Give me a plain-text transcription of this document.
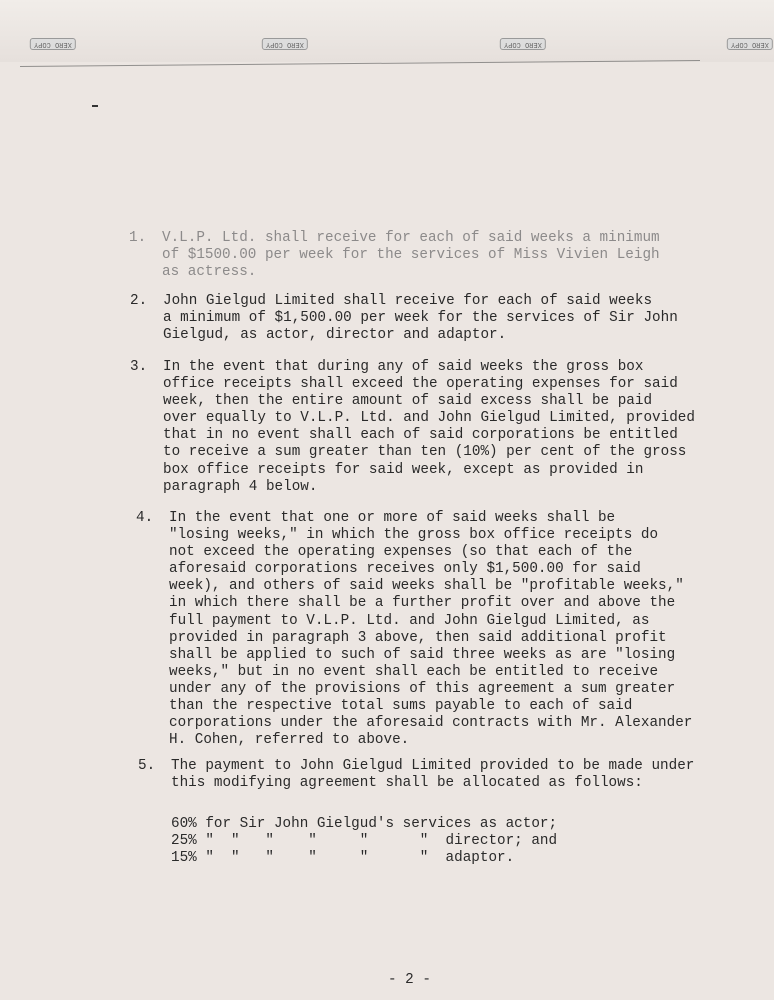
XERO COPY	XERO COPY	XERO COPY	XERO COPY
1. V.L.P. Ltd. shall receive for each of said weeks a minimum
of $1500.00 per week for the services of Miss Vivien Leigh
as actress.
2. John Gielgud Limited shall receive for each of said weeks
a minimum of $1,500.00 per week for the services of Sir John
Gielgud, as actor, director and adaptor.
3. In the event that during any of said weeks the gross box
office receipts shall exceed the operating expenses for said
week, then the entire amount of said excess shall be paid
over equally to V.L.P. Ltd. and John Gielgud Limited, provided
that in no event shall each of said corporations be entitled
to receive a sum greater than ten (10%) per cent of the gross
box office receipts for said week, except as provided in
paragraph 4 below.
4. In the event that one or more of said weeks shall be
"losing weeks," in which the gross box office receipts do
not exceed the operating expenses (so that each of the
aforesaid corporations receives only $1,500.00 for said
week), and others of said weeks shall be "profitable weeks,"
in which there shall be a further profit over and above the
full payment to V.L.P. Ltd. and John Gielgud Limited, as
provided in paragraph 3 above, then said additional profit
shall be applied to such of said three weeks as are "losing
weeks," but in no event shall each be entitled to receive
under any of the provisions of this agreement a sum greater
than the respective total sums payable to each of said
corporations under the aforesaid contracts with Mr. Alexander
H. Cohen, referred to above.
5. The payment to John Gielgud Limited provided to be made under
this modifying agreement shall be allocated as follows:
60% for Sir John Gielgud's services as actor;
25% "  "   "    "     "      "  director; and
15% "  "   "    "     "      "  adaptor.
- 2 -
